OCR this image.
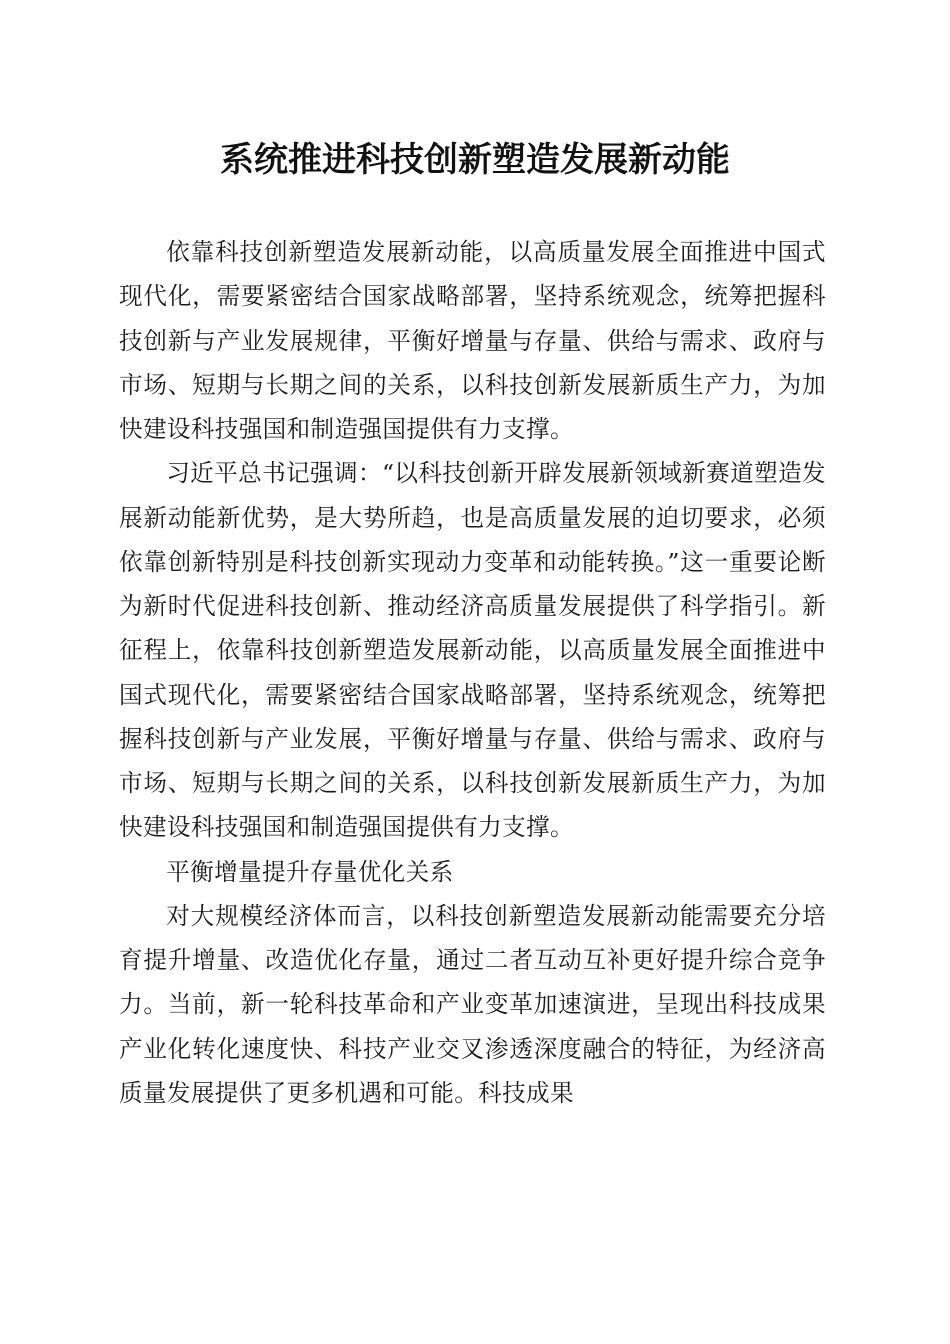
系统推进科技创新塑造发展新动能

依靠科技创新塑造发展新动能，以高质量发展全面推进中国式现代化，需要紧密结合国家战略部署，坚持系统观念，统筹把握科技创新与产业发展规律，平衡好增量与存量、供给与需求、政府与市场、短期与长期之间的关系，以科技创新发展新质生产力，为加快建设科技强国和制造强国提供有力支撑。

习近平总书记强调：“以科技创新开辟发展新领域新赛道塑造发展新动能新优势，是大势所趋，也是高质量发展的迫切要求，必须依靠创新特别是科技创新实现动力变革和动能转换。”这一重要论断为新时代促进科技创新、推动经济高质量发展提供了科学指引。新征程上，依靠科技创新塑造发展新动能，以高质量发展全面推进中国式现代化，需要紧密结合国家战略部署，坚持系统观念，统筹把握科技创新与产业发展，平衡好增量与存量、供给与需求、政府与市场、短期与长期之间的关系，以科技创新发展新质生产力，为加快建设科技强国和制造强国提供有力支撑。

平衡增量提升存量优化关系

对大规模经济体而言，以科技创新塑造发展新动能需要充分培育提升增量、改造优化存量，通过二者互动互补更好提升综合竞争力。当前，新一轮科技革命和产业变革加速演进，呈现出科技成果产业化转化速度快、科技产业交叉渗透深度融合的特征，为经济高质量发展提供了更多机遇和可能。科技成果
